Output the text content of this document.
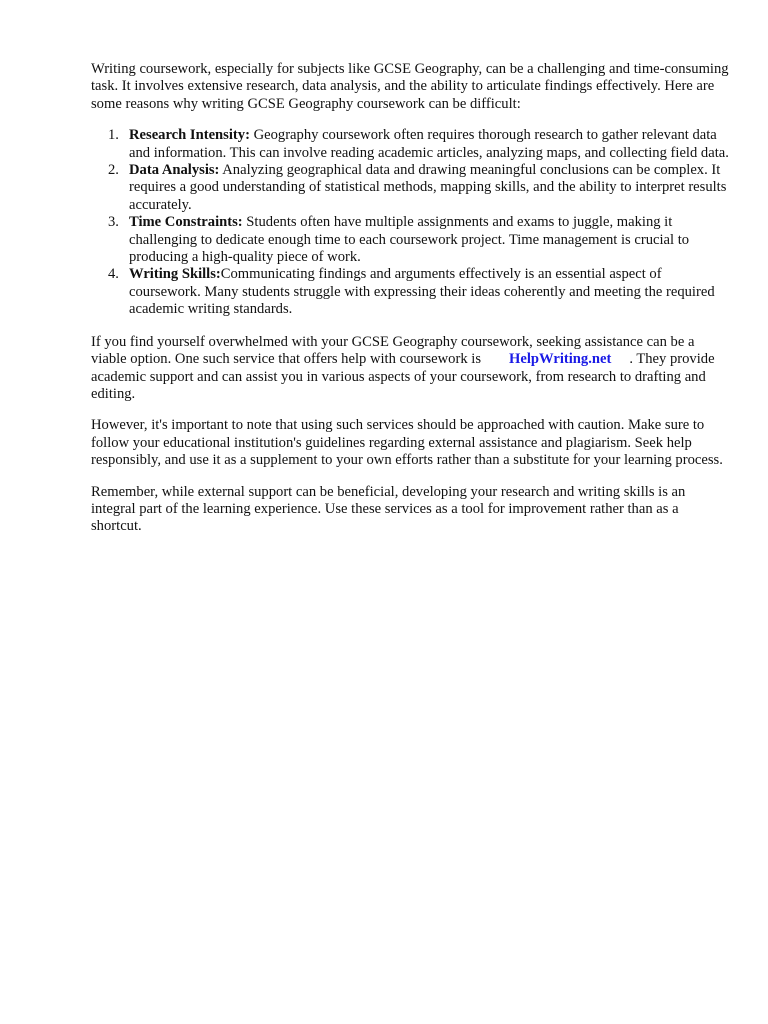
Writing coursework, especially for subjects like GCSE Geography, can be a challenging and time-consuming task. It involves extensive research, data analysis, and the ability to articulate findings effectively. Here are some reasons why writing GCSE Geography coursework can be difficult:

1. Research Intensity: Geography coursework often requires thorough research to gather relevant data and information. This can involve reading academic articles, analyzing maps, and collecting field data.
2. Data Analysis: Analyzing geographical data and drawing meaningful conclusions can be complex. It requires a good understanding of statistical methods, mapping skills, and the ability to interpret results accurately.
3. Time Constraints: Students often have multiple assignments and exams to juggle, making it challenging to dedicate enough time to each coursework project. Time management is crucial to producing a high-quality piece of work.
4. Writing Skills:Communicating findings and arguments effectively is an essential aspect of coursework. Many students struggle with expressing their ideas coherently and meeting the required academic writing standards.

If you find yourself overwhelmed with your GCSE Geography coursework, seeking assistance can be a viable option. One such service that offers help with coursework is HelpWriting.net . They provide academic support and can assist you in various aspects of your coursework, from research to drafting and editing.

However, it's important to note that using such services should be approached with caution. Make sure to follow your educational institution's guidelines regarding external assistance and plagiarism. Seek help responsibly, and use it as a supplement to your own efforts rather than a substitute for your learning process.

Remember, while external support can be beneficial, developing your research and writing skills is an integral part of the learning experience. Use these services as a tool for improvement rather than as a shortcut.
